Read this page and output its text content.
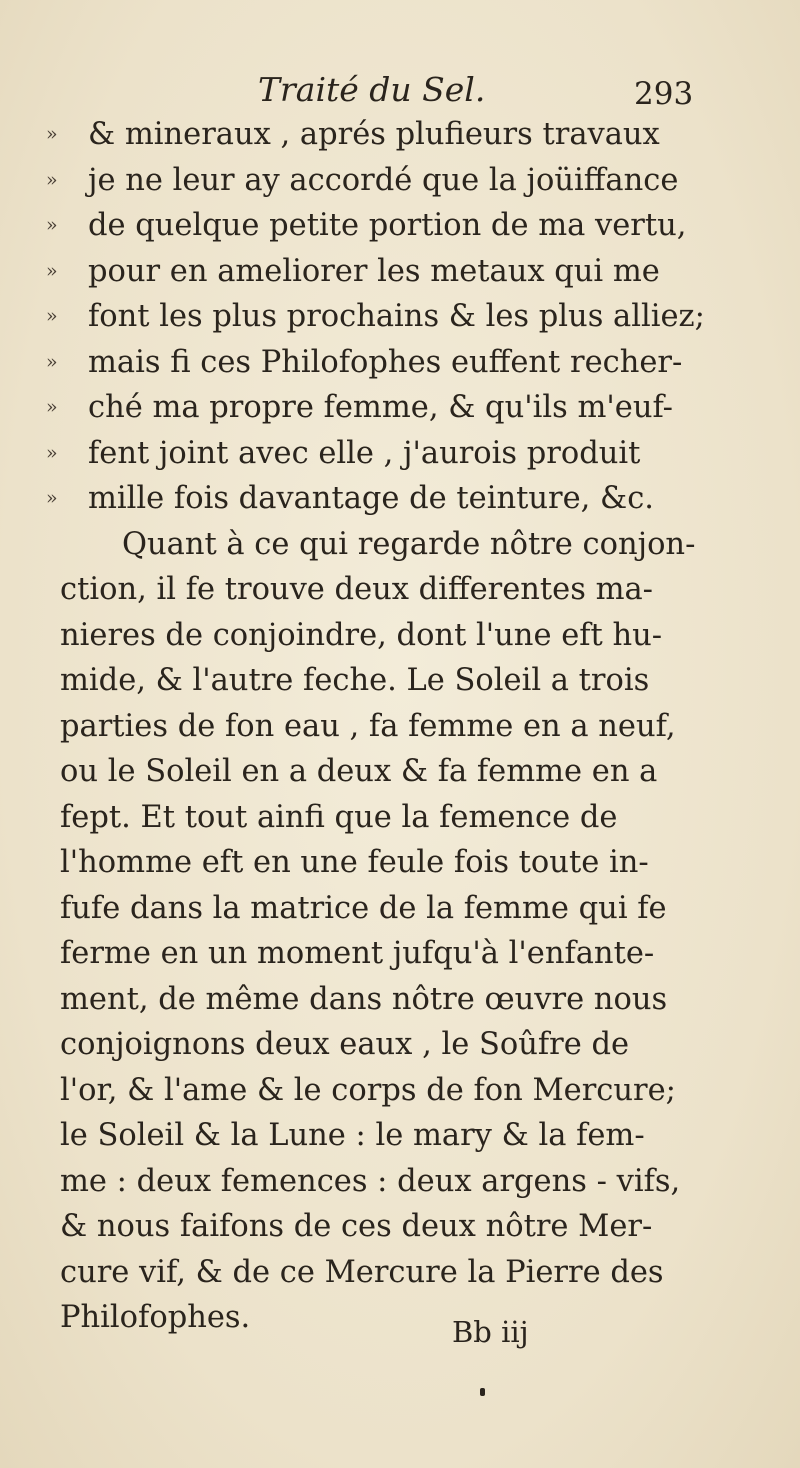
Traité du Sel.	293
» & mineraux , aprés plufieurs travaux
» je ne leur ay accordé que la joüiffance
» de quelque petite portion de ma vertu,
» pour en ameliorer les metaux qui me
» font les plus prochains & les plus alliez;
» mais fi ces Philofophes euffent recher-
» ché ma propre femme, & qu'ils m'euf-
» fent joint avec elle , j'aurois produit
» mille fois davantage de teinture, &c.
Quant à ce qui regarde nôtre conjon-
ction, il fe trouve deux differentes ma-
nieres de conjoindre, dont l'une eft hu-
mide, & l'autre feche. Le Soleil a trois
parties de fon eau , fa femme en a neuf,
ou le Soleil en a deux & fa femme en a
fept. Et tout ainfi que la femence de
l'homme eft en une feule fois toute in-
fufe dans la matrice de la femme qui fe
ferme en un moment jufqu'à l'enfante-
ment, de même dans nôtre œuvre nous
conjoignons deux eaux , le Soûfre de
l'or, & l'ame & le corps de fon Mercure;
le Soleil & la Lune : le mary & la fem-
me : deux femences : deux argens - vifs,
& nous faifons de ces deux nôtre Mer-
cure vif, & de ce Mercure la Pierre des
Philofophes.	Bb iij
